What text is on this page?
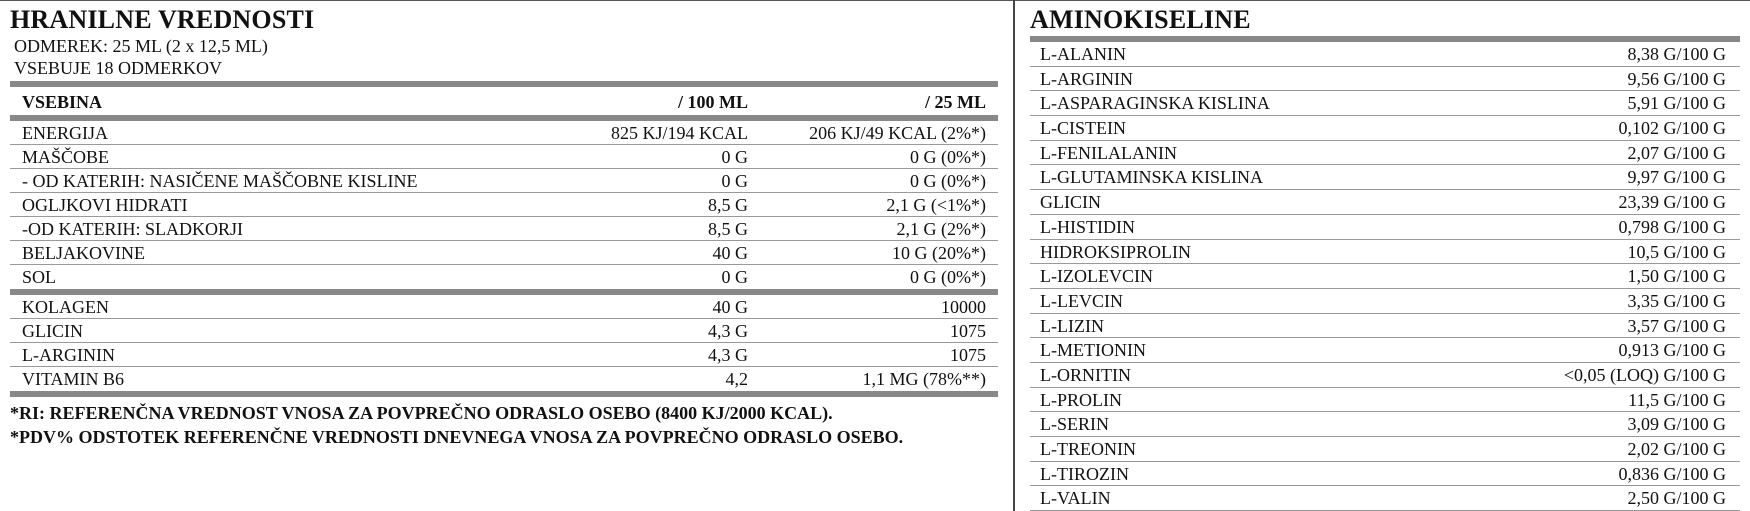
HRANILNE VREDNOSTI
ODMEREK: 25 ML (2 x 12,5 ML)
VSEBUJE 18 ODMERKOV
VSEBINA	/ 100 ML	/ 25 ML
ENERGIJA	825 KJ/194 KCAL	206 KJ/49 KCAL (2%*)
MAŠČOBE	0 G	0 G (0%*)
- OD KATERIH: NASIČENE MAŠČOBNE KISLINE	0 G	0 G (0%*)
OGLJKOVI HIDRATI	8,5 G	2,1 G (<1%*)
-OD KATERIH: SLADKORJI	8,5 G	2,1 G (2%*)
BELJAKOVINE	40 G	10 G (20%*)
SOL	0 G	0 G (0%*)
KOLAGEN	40 G	10000
GLICIN	4,3 G	1075
L-ARGININ	4,3 G	1075
VITAMIN B6	4,2	1,1 MG (78%**)
*RI: REFERENČNA VREDNOST VNOSA ZA POVPREČNO ODRASLO OSEBO (8400 KJ/2000 KCAL).
*PDV% ODSTOTEK REFERENČNE VREDNOSTI DNEVNEGA VNOSA ZA POVPREČNO ODRASLO OSEBO.
AMINOKISELINE
L-ALANIN	8,38 G/100 G
L-ARGININ	9,56 G/100 G
L-ASPARAGINSKA KISLINA	5,91 G/100 G
L-CISTEIN	0,102 G/100 G
L-FENILALANIN	2,07 G/100 G
L-GLUTAMINSKA KISLINA	9,97 G/100 G
GLICIN	23,39 G/100 G
L-HISTIDIN	0,798 G/100 G
HIDROKSIPROLIN	10,5 G/100 G
L-IZOLEVCIN	1,50 G/100 G
L-LEVCIN	3,35 G/100 G
L-LIZIN	3,57 G/100 G
L-METIONIN	0,913 G/100 G
L-ORNITIN	<0,05 (LOQ) G/100 G
L-PROLIN	11,5 G/100 G
L-SERIN	3,09 G/100 G
L-TREONIN	2,02 G/100 G
L-TIROZIN	0,836 G/100 G
L-VALIN	2,50 G/100 G
